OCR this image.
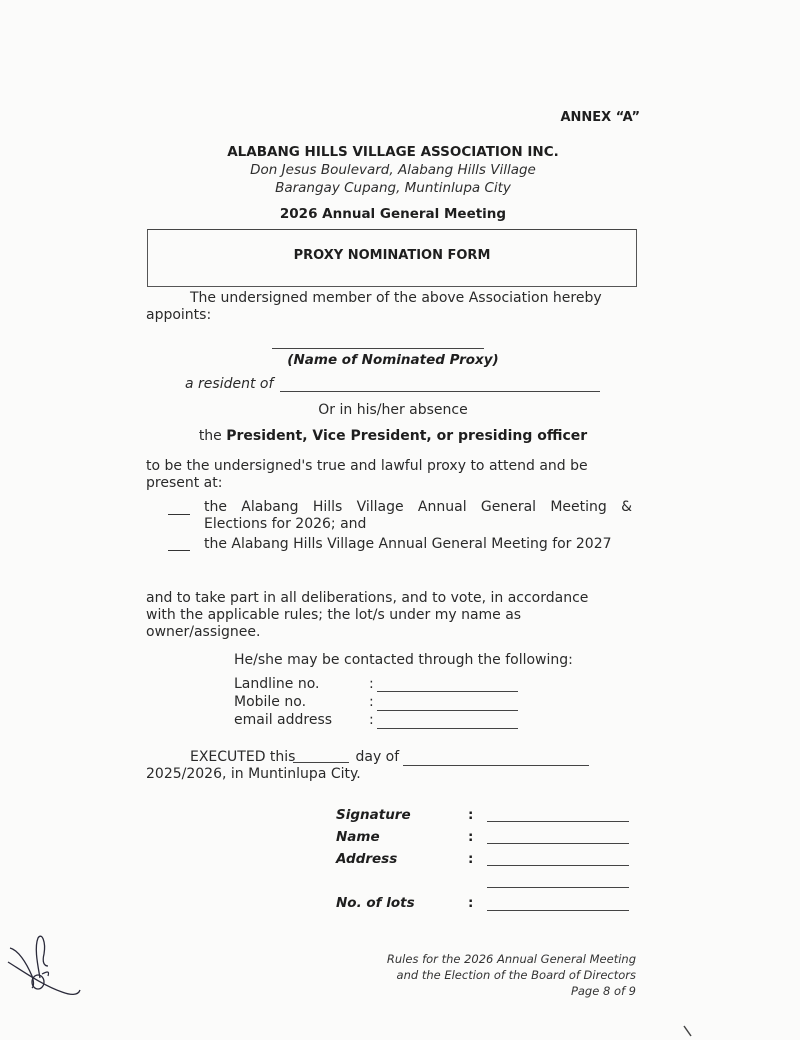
ANNEX “A”
ALABANG HILLS VILLAGE ASSOCIATION INC.
Don Jesus Boulevard, Alabang Hills Village
Barangay Cupang, Muntinlupa City
2026 Annual General Meeting
PROXY NOMINATION FORM
The undersigned member of the above Association hereby appoints:
(Name of Nominated Proxy)
a resident of
Or in his/her absence
the President, Vice President, or presiding officer
to be the undersigned's true and lawful proxy to attend and be present at:
the Alabang Hills Village Annual General Meeting &
Elections for 2026; and
the Alabang Hills Village Annual General Meeting for 2027
and to take part in all deliberations, and to vote, in accordance with the applicable rules; the lot/s under my name as owner/assignee.
He/she may be contacted through the following:
Landline no.	:
Mobile no.	:
email address	:
EXECUTED this	day of
2025/2026, in Muntinlupa City.
Signature	:
Name	:
Address	:
No. of lots	:
Rules for the 2026 Annual General Meeting
and the Election of the Board of Directors
Page 8 of 9
